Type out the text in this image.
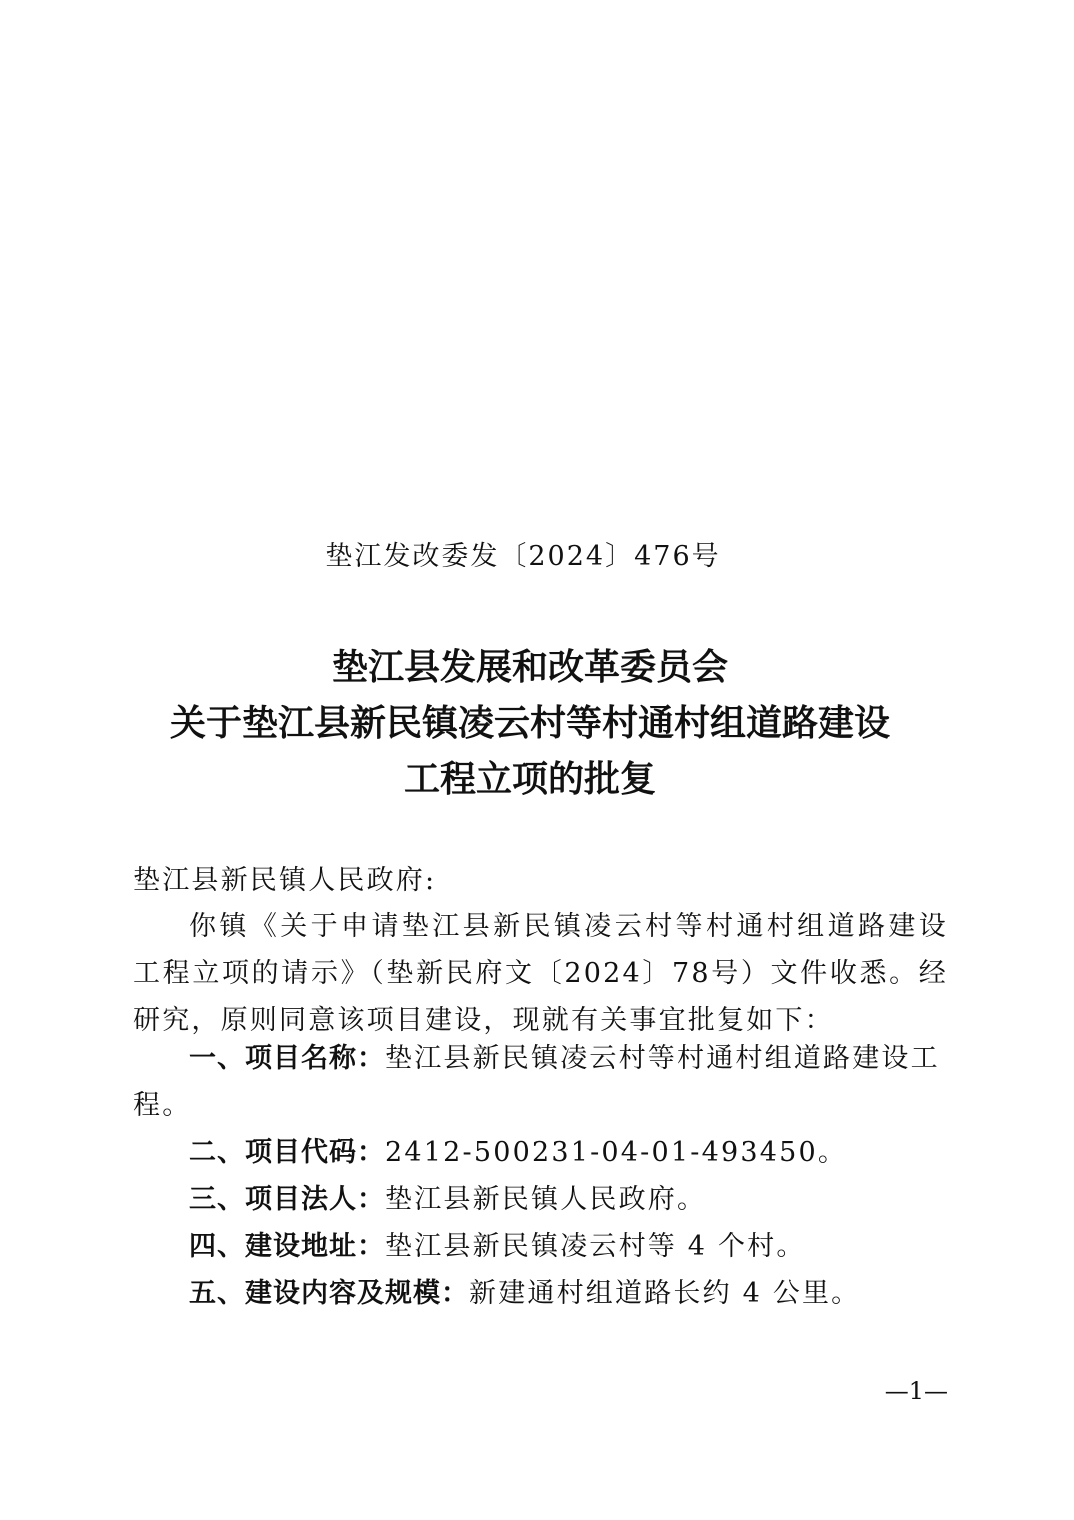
垫江发改委发〔2024〕476号
垫江县发展和改革委员会
关于垫江县新民镇凌云村等村通村组道路建设
工程立项的批复
垫江县新民镇人民政府:
你镇《关于申请垫江县新民镇凌云村等村通村组道路建设工程立项的请示》（垫新民府文〔2024〕78号）文件收悉。经研究，原则同意该项目建设，现就有关事宜批复如下：

一、项目名称：垫江县新民镇凌云村等村通村组道路建设工程。

二、项目代码：2412-500231-04-01-493450。

三、项目法人：垫江县新民镇人民政府。

四、建设地址：垫江县新民镇凌云村等 4 个村。

五、建设内容及规模：新建通村组道路长约 4 公里。

—1—
